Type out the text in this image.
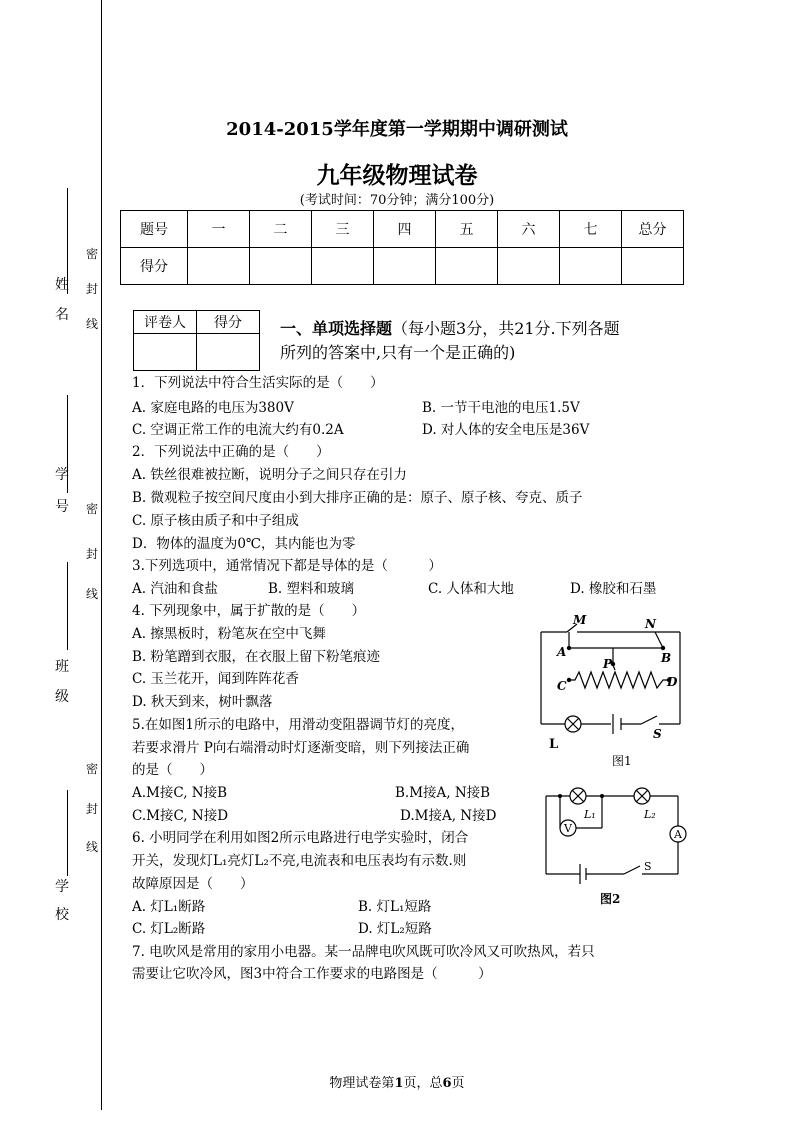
姓
名
学
号
班
级
学
校
密
封
线
密
封
线
密
封
线
2014-2015学年度第一学期期中调研测试
九年级物理试卷
(考试时间：70分钟；满分100分)
题号	一	二	三	四	五	六	七	总分
得分								
评卷人	得分
	一、单项选择题（每小题3分，共21分.下列各题
所列的答案中,只有一个是正确的)
1．下列说法中符合生活实际的是（　　）
A. 家庭电路的电压为380V	B. 一节干电池的电压1.5V
C. 空调正常工作的电流大约有0.2A	D. 对人体的安全电压是36V
2．下列说法中正确的是（　　）
A. 铁丝很难被拉断，说明分子之间只存在引力
B. 微观粒子按空间尺度由小到大排序正确的是：原子、原子核、夸克、质子
C. 原子核由质子和中子组成
D．物体的温度为0℃，其内能也为零
3.下列选项中，通常情况下都是导体的是（　　　）
A. 汽油和食盐	B. 塑料和玻璃	C. 人体和大地	D. 橡胶和石墨
4. 下列现象中，属于扩散的是（　　）
A. 擦黑板时，粉笔灰在空中飞舞
B. 粉笔蹭到衣服，在衣服上留下粉笔痕迹
C. 玉兰花开，闻到阵阵花香
D. 秋天到来，树叶飘落
5.在如图1所示的电路中，用滑动变阻器调节灯的亮度，
若要求滑片 P向右端滑动时灯逐渐变暗，则下列接法正确
的是（　　）
A.M接C, N接B	B.M接A, N接B
C.M接C, N接D	D.M接A, N接D
6. 小明同学在利用如图2所示电路进行电学实验时，闭合
开关，发现灯L₁亮灯L₂不亮,电流表和电压表均有示数.则
故障原因是（　　）
A. 灯L₁断路	B. 灯L₁短路
C. 灯L₂断路	D. 灯L₂短路
7. 电吹风是常用的家用小电器。某一品牌电吹风既可吹冷风又可吹热风，若只
需要让它吹冷风，图3中符合工作要求的电路图是（　　　）
M	N
A	B
P
C	D
S
L
图1
V	A
L₁	L₂
S
图2
物理试卷第1页，总6页
